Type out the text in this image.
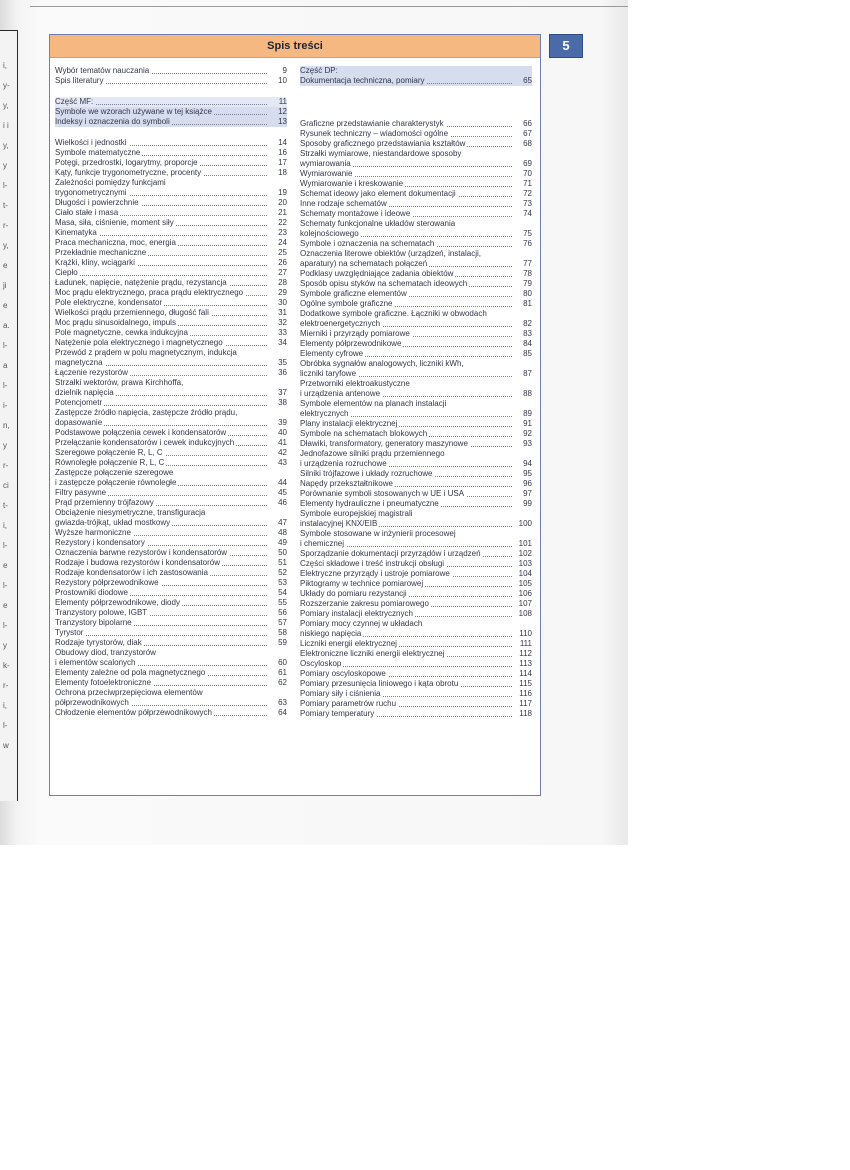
i,
y-
y,
i i
y,
y
l-
t-
r-
y,
e
ji
e
a.
l-
a
l-
i-
n,
y
r-
ci
t-
i,
l-
e
l-
e
l-
y
k-
r-
i,
l-
w
Spis treści
Wybór tematów nauczania	9
Spis literatury	10
Część MF:	11
Symbole we wzorach używane w tej książce	12
Indeksy i oznaczenia do symboli	13
Wielkości i jednostki	14
Symbole matematyczne	16
Potęgi, przedrostki, logarytmy, proporcje	17
Kąty, funkcje trygonometryczne, procenty	18
Zależności pomiędzy funkcjami
trygonometrycznymi	19
Długości i powierzchnie	20
Ciało stałe i masa	21
Masa, siła, ciśnienie, moment siły	22
Kinematyka	23
Praca mechaniczna, moc, energia	24
Przekładnie mechaniczne	25
Krążki, kliny, wciągarki	26
Ciepło	27
Ładunek, napięcie, natężenie prądu, rezystancja	28
Moc prądu elektrycznego, praca prądu elektrycznego	29
Pole elektryczne, kondensator	30
Wielkości prądu przemiennego, długość fali	31
Moc prądu sinusoidalnego, impuls	32
Pole magnetyczne, cewka indukcyjna	33
Natężenie pola elektrycznego i magnetycznego	34
Przewód z prądem w polu magnetycznym, indukcja
magnetyczna	35
Łączenie rezystorów	36
Strzałki wektorów, prawa Kirchhoffa,
dzielnik napięcia	37
Potencjometr	38
Zastępcze źródło napięcia, zastępcze źródło prądu,
dopasowanie	39
Podstawowe połączenia cewek i kondensatorów	40
Przełączanie kondensatorów i cewek indukcyjnych	41
Szeregowe połączenie R, L, C	42
Równoległe połączenie R, L, C	43
Zastępcze połączenie szeregowe
i zastępcze połączenie równoległe	44
Filtry pasywne	45
Prąd przemienny trójfazowy	46
Obciążenie niesymetryczne, transfiguracja
gwiazda-trójkąt, układ mostkowy	47
Wyższe harmoniczne	48
Rezystory i kondensatory	49
Oznaczenia barwne rezystorów i kondensatorów	50
Rodzaje i budowa rezystorów i kondensatorów	51
Rodzaje kondensatorów i ich zastosowania	52
Rezystory półprzewodnikowe	53
Prostowniki diodowe	54
Elementy półprzewodnikowe, diody	55
Tranzystory polowe, IGBT	56
Tranzystory bipolarne	57
Tyrystor	58
Rodzaje tyrystorów, diak	59
Obudowy diod, tranzystorów
i elementów scalonych	60
Elementy zależne od pola magnetycznego	61
Elementy fotoelektroniczne	62
Ochrona przeciwprzepięciowa elementów
półprzewodnikowych	63
Chłodzenie elementów półprzewodnikowych	64
Część DP:
Dokumentacja techniczna, pomiary	65
Graficzne przedstawianie charakterystyk	66
Rysunek techniczny – wiadomości ogólne	67
Sposoby graficznego przedstawiania kształtów	68
Strzałki wymiarowe, niestandardowe sposoby
wymiarowania	69
Wymiarowanie	70
Wymiarowanie i kreskowanie	71
Schemat ideowy jako element dokumentacji	72
Inne rodzaje schematów	73
Schematy montażowe i ideowe	74
Schematy funkcjonalne układów sterowania
kolejnościowego	75
Symbole i oznaczenia na schematach	76
Oznaczenia literowe obiektów (urządzeń, instalacji,
aparatury) na schematach połączeń	77
Podklasy uwzględniające zadania obiektów	78
Sposób opisu styków na schematach ideowych	79
Symbole graficzne elementów	80
Ogólne symbole graficzne	81
Dodatkowe symbole graficzne. Łączniki w obwodach
elektroenergetycznych	82
Mierniki i przyrządy pomiarowe	83
Elementy półprzewodnikowe	84
Elementy cyfrowe	85
Obróbka sygnałów analogowych, liczniki kWh,
liczniki taryfowe	87
Przetworniki elektroakustyczne
i urządzenia antenowe	88
Symbole elementów na planach instalacji
elektrycznych	89
Plany instalacji elektrycznej	91
Symbole na schematach blokowych	92
Dławiki, transformatory, generatory maszynowe	93
Jednofazowe silniki prądu przemiennego
i urządzenia rozruchowe	94
Silniki trójfazowe i układy rozruchowe	95
Napędy przekształtnikowe	96
Porównanie symboli stosowanych w UE i USA	97
Elementy hydrauliczne i pneumatyczne	99
Symbole europejskiej magistrali
instalacyjnej KNX/EIB	100
Symbole stosowane w inżynierii procesowej
i chemicznej	101
Sporządzanie dokumentacji przyrządów i urządzeń	102
Części składowe i treść instrukcji obsługi	103
Elektryczne przyrządy i ustroje pomiarowe	104
Piktogramy w technice pomiarowej	105
Układy do pomiaru rezystancji	106
Rozszerzanie zakresu pomiarowego	107
Pomiary instalacji elektrycznych	108
Pomiary mocy czynnej w układach
niskiego napięcia	110
Liczniki energii elektrycznej	111
Elektroniczne liczniki energii elektrycznej	112
Oscyloskop	113
Pomiary oscyloskopowe	114
Pomiary przesunięcia liniowego i kąta obrotu	115
Pomiary siły i ciśnienia	116
Pomiary parametrów ruchu	117
Pomiary temperatury	118
5
